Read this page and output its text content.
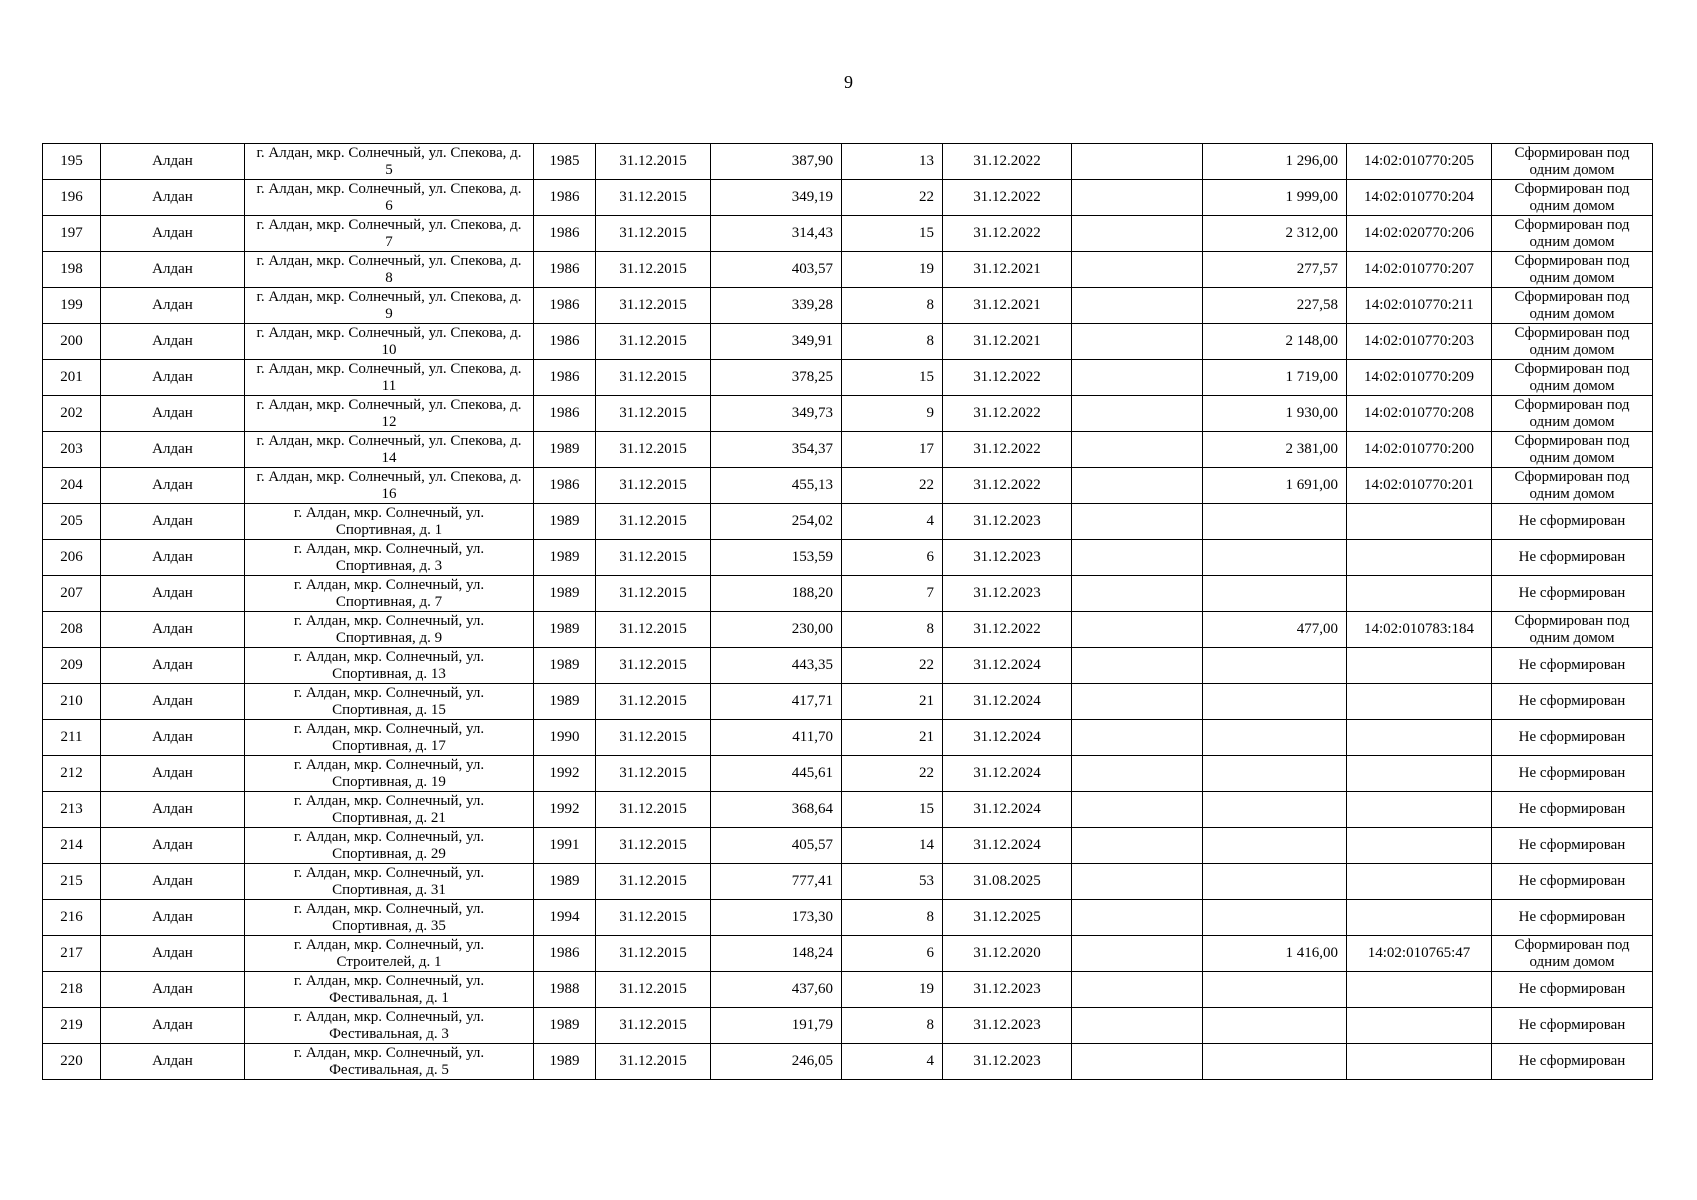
9
195	Алдан	г. Алдан, мкр. Солнечный, ул. Спекова, д. 5	1985	31.12.2015	387,90	13	31.12.2022		1 296,00	14:02:010770:205	Сформирован под одним домом
196	Алдан	г. Алдан, мкр. Солнечный, ул. Спекова, д. 6	1986	31.12.2015	349,19	22	31.12.2022		1 999,00	14:02:010770:204	Сформирован под одним домом
197	Алдан	г. Алдан, мкр. Солнечный, ул. Спекова, д. 7	1986	31.12.2015	314,43	15	31.12.2022		2 312,00	14:02:020770:206	Сформирован под одним домом
198	Алдан	г. Алдан, мкр. Солнечный, ул. Спекова, д. 8	1986	31.12.2015	403,57	19	31.12.2021		277,57	14:02:010770:207	Сформирован под одним домом
199	Алдан	г. Алдан, мкр. Солнечный, ул. Спекова, д. 9	1986	31.12.2015	339,28	8	31.12.2021		227,58	14:02:010770:211	Сформирован под одним домом
200	Алдан	г. Алдан, мкр. Солнечный, ул. Спекова, д. 10	1986	31.12.2015	349,91	8	31.12.2021		2 148,00	14:02:010770:203	Сформирован под одним домом
201	Алдан	г. Алдан, мкр. Солнечный, ул. Спекова, д. 11	1986	31.12.2015	378,25	15	31.12.2022		1 719,00	14:02:010770:209	Сформирован под одним домом
202	Алдан	г. Алдан, мкр. Солнечный, ул. Спекова, д. 12	1986	31.12.2015	349,73	9	31.12.2022		1 930,00	14:02:010770:208	Сформирован под одним домом
203	Алдан	г. Алдан, мкр. Солнечный, ул. Спекова, д. 14	1989	31.12.2015	354,37	17	31.12.2022		2 381,00	14:02:010770:200	Сформирован под одним домом
204	Алдан	г. Алдан, мкр. Солнечный, ул. Спекова, д. 16	1986	31.12.2015	455,13	22	31.12.2022		1 691,00	14:02:010770:201	Сформирован под одним домом
205	Алдан	г. Алдан, мкр. Солнечный, ул. Спортивная, д. 1	1989	31.12.2015	254,02	4	31.12.2023				Не сформирован
206	Алдан	г. Алдан, мкр. Солнечный, ул. Спортивная, д. 3	1989	31.12.2015	153,59	6	31.12.2023				Не сформирован
207	Алдан	г. Алдан, мкр. Солнечный, ул. Спортивная, д. 7	1989	31.12.2015	188,20	7	31.12.2023				Не сформирован
208	Алдан	г. Алдан, мкр. Солнечный, ул. Спортивная, д. 9	1989	31.12.2015	230,00	8	31.12.2022		477,00	14:02:010783:184	Сформирован под одним домом
209	Алдан	г. Алдан, мкр. Солнечный, ул. Спортивная, д. 13	1989	31.12.2015	443,35	22	31.12.2024				Не сформирован
210	Алдан	г. Алдан, мкр. Солнечный, ул. Спортивная, д. 15	1989	31.12.2015	417,71	21	31.12.2024				Не сформирован
211	Алдан	г. Алдан, мкр. Солнечный, ул. Спортивная, д. 17	1990	31.12.2015	411,70	21	31.12.2024				Не сформирован
212	Алдан	г. Алдан, мкр. Солнечный, ул. Спортивная, д. 19	1992	31.12.2015	445,61	22	31.12.2024				Не сформирован
213	Алдан	г. Алдан, мкр. Солнечный, ул. Спортивная, д. 21	1992	31.12.2015	368,64	15	31.12.2024				Не сформирован
214	Алдан	г. Алдан, мкр. Солнечный, ул. Спортивная, д. 29	1991	31.12.2015	405,57	14	31.12.2024				Не сформирован
215	Алдан	г. Алдан, мкр. Солнечный, ул. Спортивная, д. 31	1989	31.12.2015	777,41	53	31.08.2025				Не сформирован
216	Алдан	г. Алдан, мкр. Солнечный, ул. Спортивная, д. 35	1994	31.12.2015	173,30	8	31.12.2025				Не сформирован
217	Алдан	г. Алдан, мкр. Солнечный, ул. Строителей, д. 1	1986	31.12.2015	148,24	6	31.12.2020		1 416,00	14:02:010765:47	Сформирован под одним домом
218	Алдан	г. Алдан, мкр. Солнечный, ул. Фестивальная, д. 1	1988	31.12.2015	437,60	19	31.12.2023				Не сформирован
219	Алдан	г. Алдан, мкр. Солнечный, ул. Фестивальная, д. 3	1989	31.12.2015	191,79	8	31.12.2023				Не сформирован
220	Алдан	г. Алдан, мкр. Солнечный, ул. Фестивальная, д. 5	1989	31.12.2015	246,05	4	31.12.2023				Не сформирован
